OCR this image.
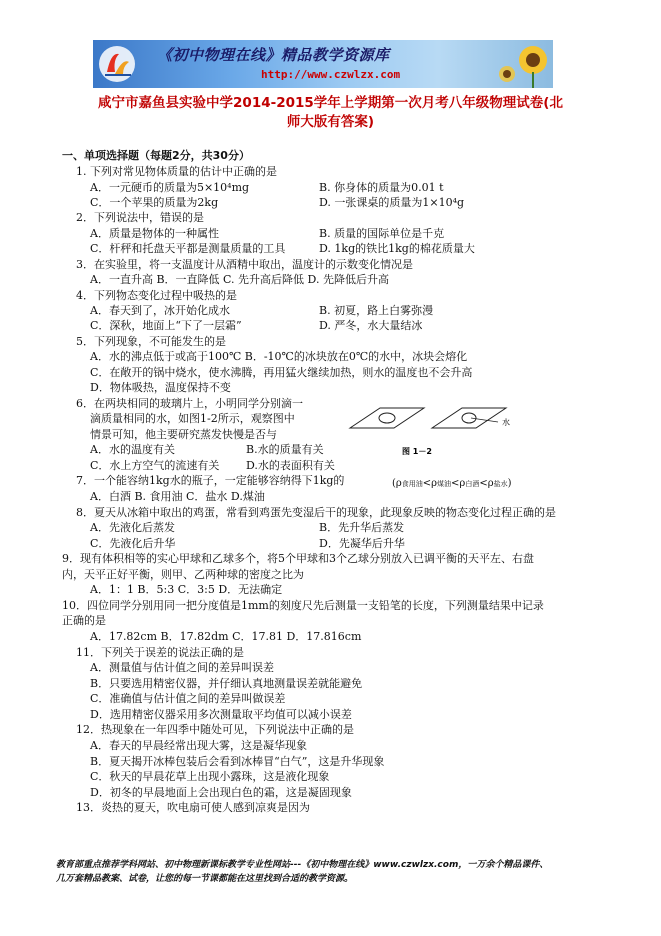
《初中物理在线》精品教学资源库
http://www.czwlzx.com
咸宁市嘉鱼县实验中学2014-2015学年上学期第一次月考八年级物理试卷(北
师大版有答案)
一、单项选择题（每题2分，共30分）
1. 下列对常见物体质量的估计中正确的是
A．一元硬币的质量为5×10⁴mg	B. 你身体的质量为0.01 t
C．一个苹果的质量为2kg	D. 一张课桌的质量为1×10⁴g
2．下列说法中，错误的是
A．质量是物体的一种属性	B. 质量的国际单位是千克
C．杆秤和托盘天平都是测量质量的工具	D. 1kg的铁比1kg的棉花质量大
3．在实验里，将一支温度计从酒精中取出，温度计的示数变化情况是
A．一直升高 B．一直降低 C. 先升高后降低 D. 先降低后升高
4．下列物态变化过程中吸热的是
A．春天到了，冰开始化成水	B. 初夏，路上白雾弥漫
C．深秋，地面上“下了一层霜”	D. 严冬，水大量结冰
5．下列现象，不可能发生的是
A．水的沸点低于或高于100℃ B．-10℃的冰块放在0℃的水中，冰块会熔化
C．在敞开的锅中烧水，使水沸腾，再用猛火继续加热，则水的温度也不会升高
D．物体吸热，温度保持不变
6．在两块相同的玻璃片上，小明同学分别滴一
滴质量相同的水，如图1-2所示，观察图中
情景可知，他主要研究蒸发快慢是否与
A．水的温度有关	B.水的质量有关
C．水上方空气的流速有关 D.水的表面积有关
7．一个能容纳1kg水的瓶子，一定能够容纳得下1kg的
A．白酒 B. 食用油 C．盐水 D.煤油
8．夏天从冰箱中取出的鸡蛋，常看到鸡蛋先变湿后干的现象，此现象反映的物态变化过程正确的是
A．先液化后蒸发	B．先升华后蒸发
C．先液化后升华	D．先凝华后升华
9．现有体积相等的实心甲球和乙球多个，将5个甲球和3个乙球分别放入已调平衡的天平左、右盘
内，天平正好平衡，则甲、乙两种球的密度之比为
A．1：1 B．5:3 C．3:5 D．无法确定
10．四位同学分别用同一把分度值是1mm的刻度尺先后测量一支铅笔的长度，下列测量结果中记录
正确的是
A．17.82cm B．17.82dm C．17.81 D．17.816cm
11．下列关于误差的说法正确的是
A．测量值与估计值之间的差异叫误差
B．只要选用精密仪器，并仔细认真地测量误差就能避免
C．准确值与估计值之间的差异叫做误差
D．选用精密仪器采用多次测量取平均值可以减小误差
12．热现象在一年四季中随处可见，下列说法中正确的是
A．春天的早晨经常出现大雾，这是凝华现象
B．夏天揭开冰棒包装后会看到冰棒冒“白气”，这是升华现象
C．秋天的早晨花草上出现小露珠，这是液化现象
D．初冬的早晨地面上会出现白色的霜，这是凝固现象
13．炎热的夏天，吹电扇可使人感到凉爽是因为
(ρ食用油<ρ煤油<ρ白酒<ρ盐水)
水
图 1－2
教育部重点推荐学科网站、初中物理新课标教学专业性网站---《初中物理在线》www.czwlzx.com，一万余个精品课件、
几万套精品教案、试卷，让您的每一节课都能在这里找到合适的教学资源。
